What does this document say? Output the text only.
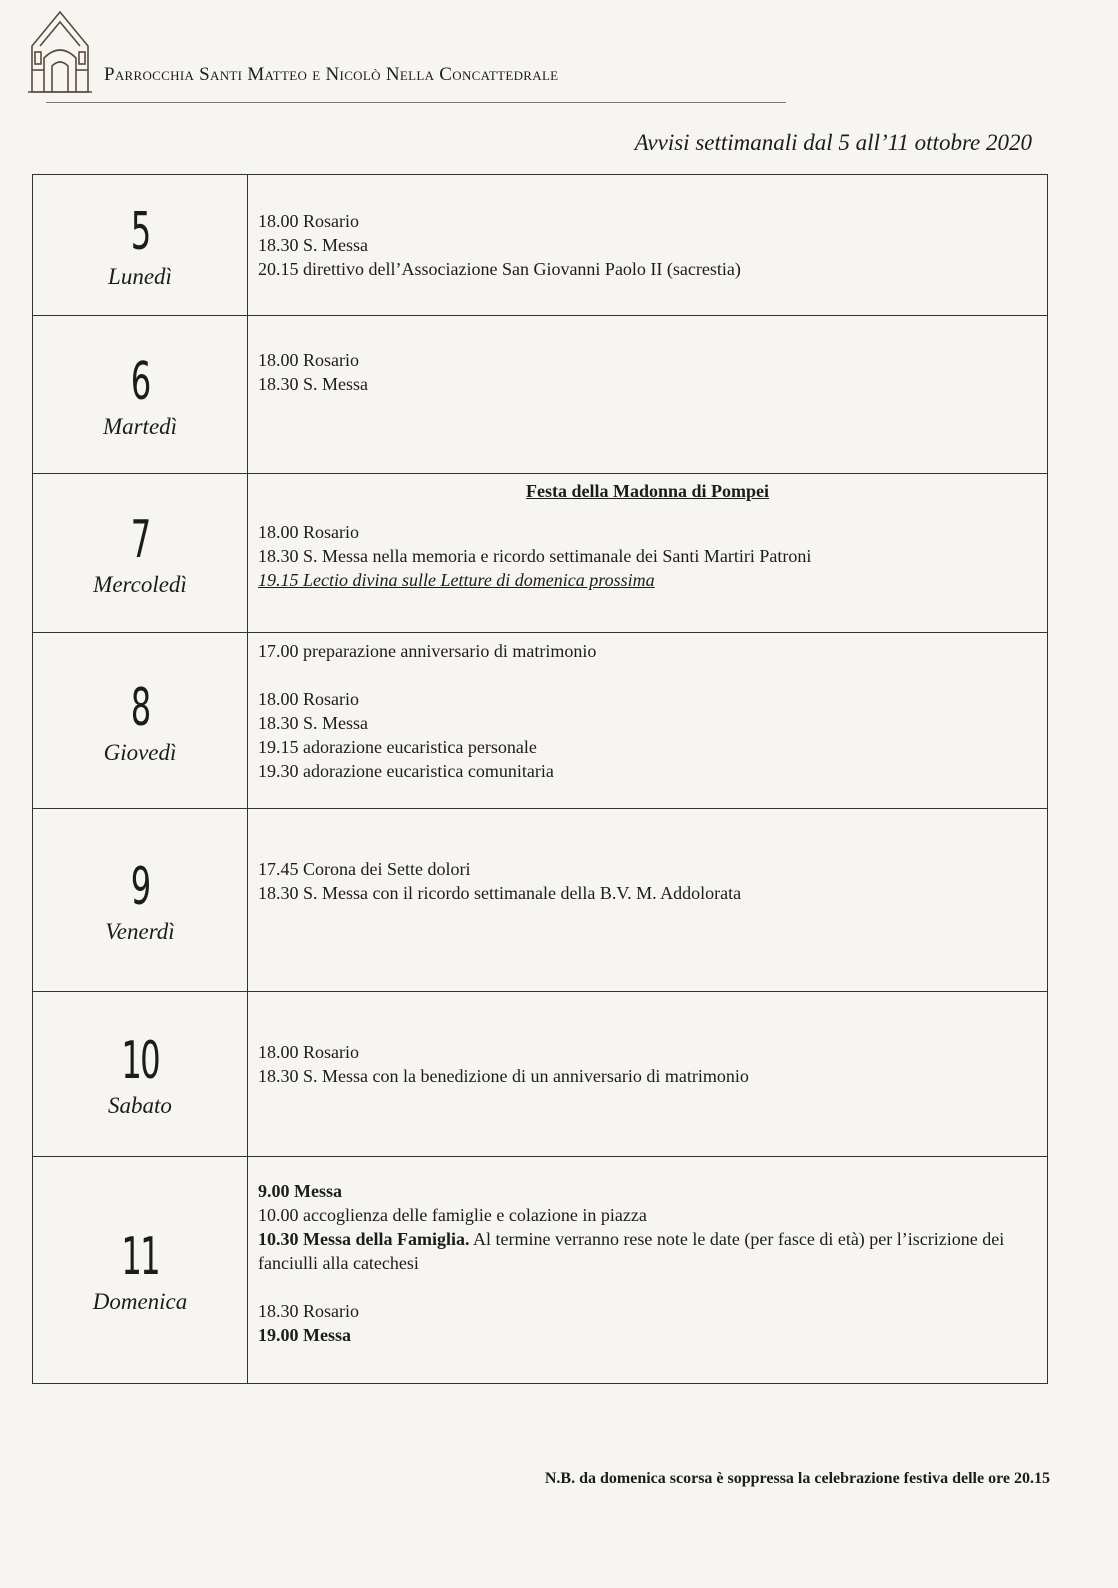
Parrocchia Santi Matteo e Nicolò Nella Concattedrale
Avvisi settimanali dal 5 all’11 ottobre 2020
5
Lunedì
18.00 Rosario
18.30 S. Messa
20.15 direttivo dell’Associazione San Giovanni Paolo II (sacrestia)
6
Martedì
18.00 Rosario
18.30 S. Messa
7
Mercoledì
Festa della Madonna di Pompei
18.00 Rosario
18.30 S. Messa nella memoria e ricordo settimanale dei Santi Martiri Patroni
19.15 Lectio divina sulle Letture di domenica prossima
8
Giovedì
17.00 preparazione anniversario di matrimonio
18.00 Rosario
18.30 S. Messa
19.15 adorazione eucaristica personale
19.30 adorazione eucaristica comunitaria
9
Venerdì
17.45 Corona dei Sette dolori
18.30 S. Messa con il ricordo settimanale della B.V. M. Addolorata
10
Sabato
18.00 Rosario
18.30 S. Messa con la benedizione di un anniversario di matrimonio
11
Domenica
9.00 Messa
10.00 accoglienza delle famiglie e colazione in piazza
10.30 Messa della Famiglia. Al termine verranno rese note le date (per fasce di età) per l’iscrizione dei fanciulli alla catechesi
18.30 Rosario
19.00 Messa
N.B. da domenica scorsa è soppressa la celebrazione festiva delle ore 20.15
